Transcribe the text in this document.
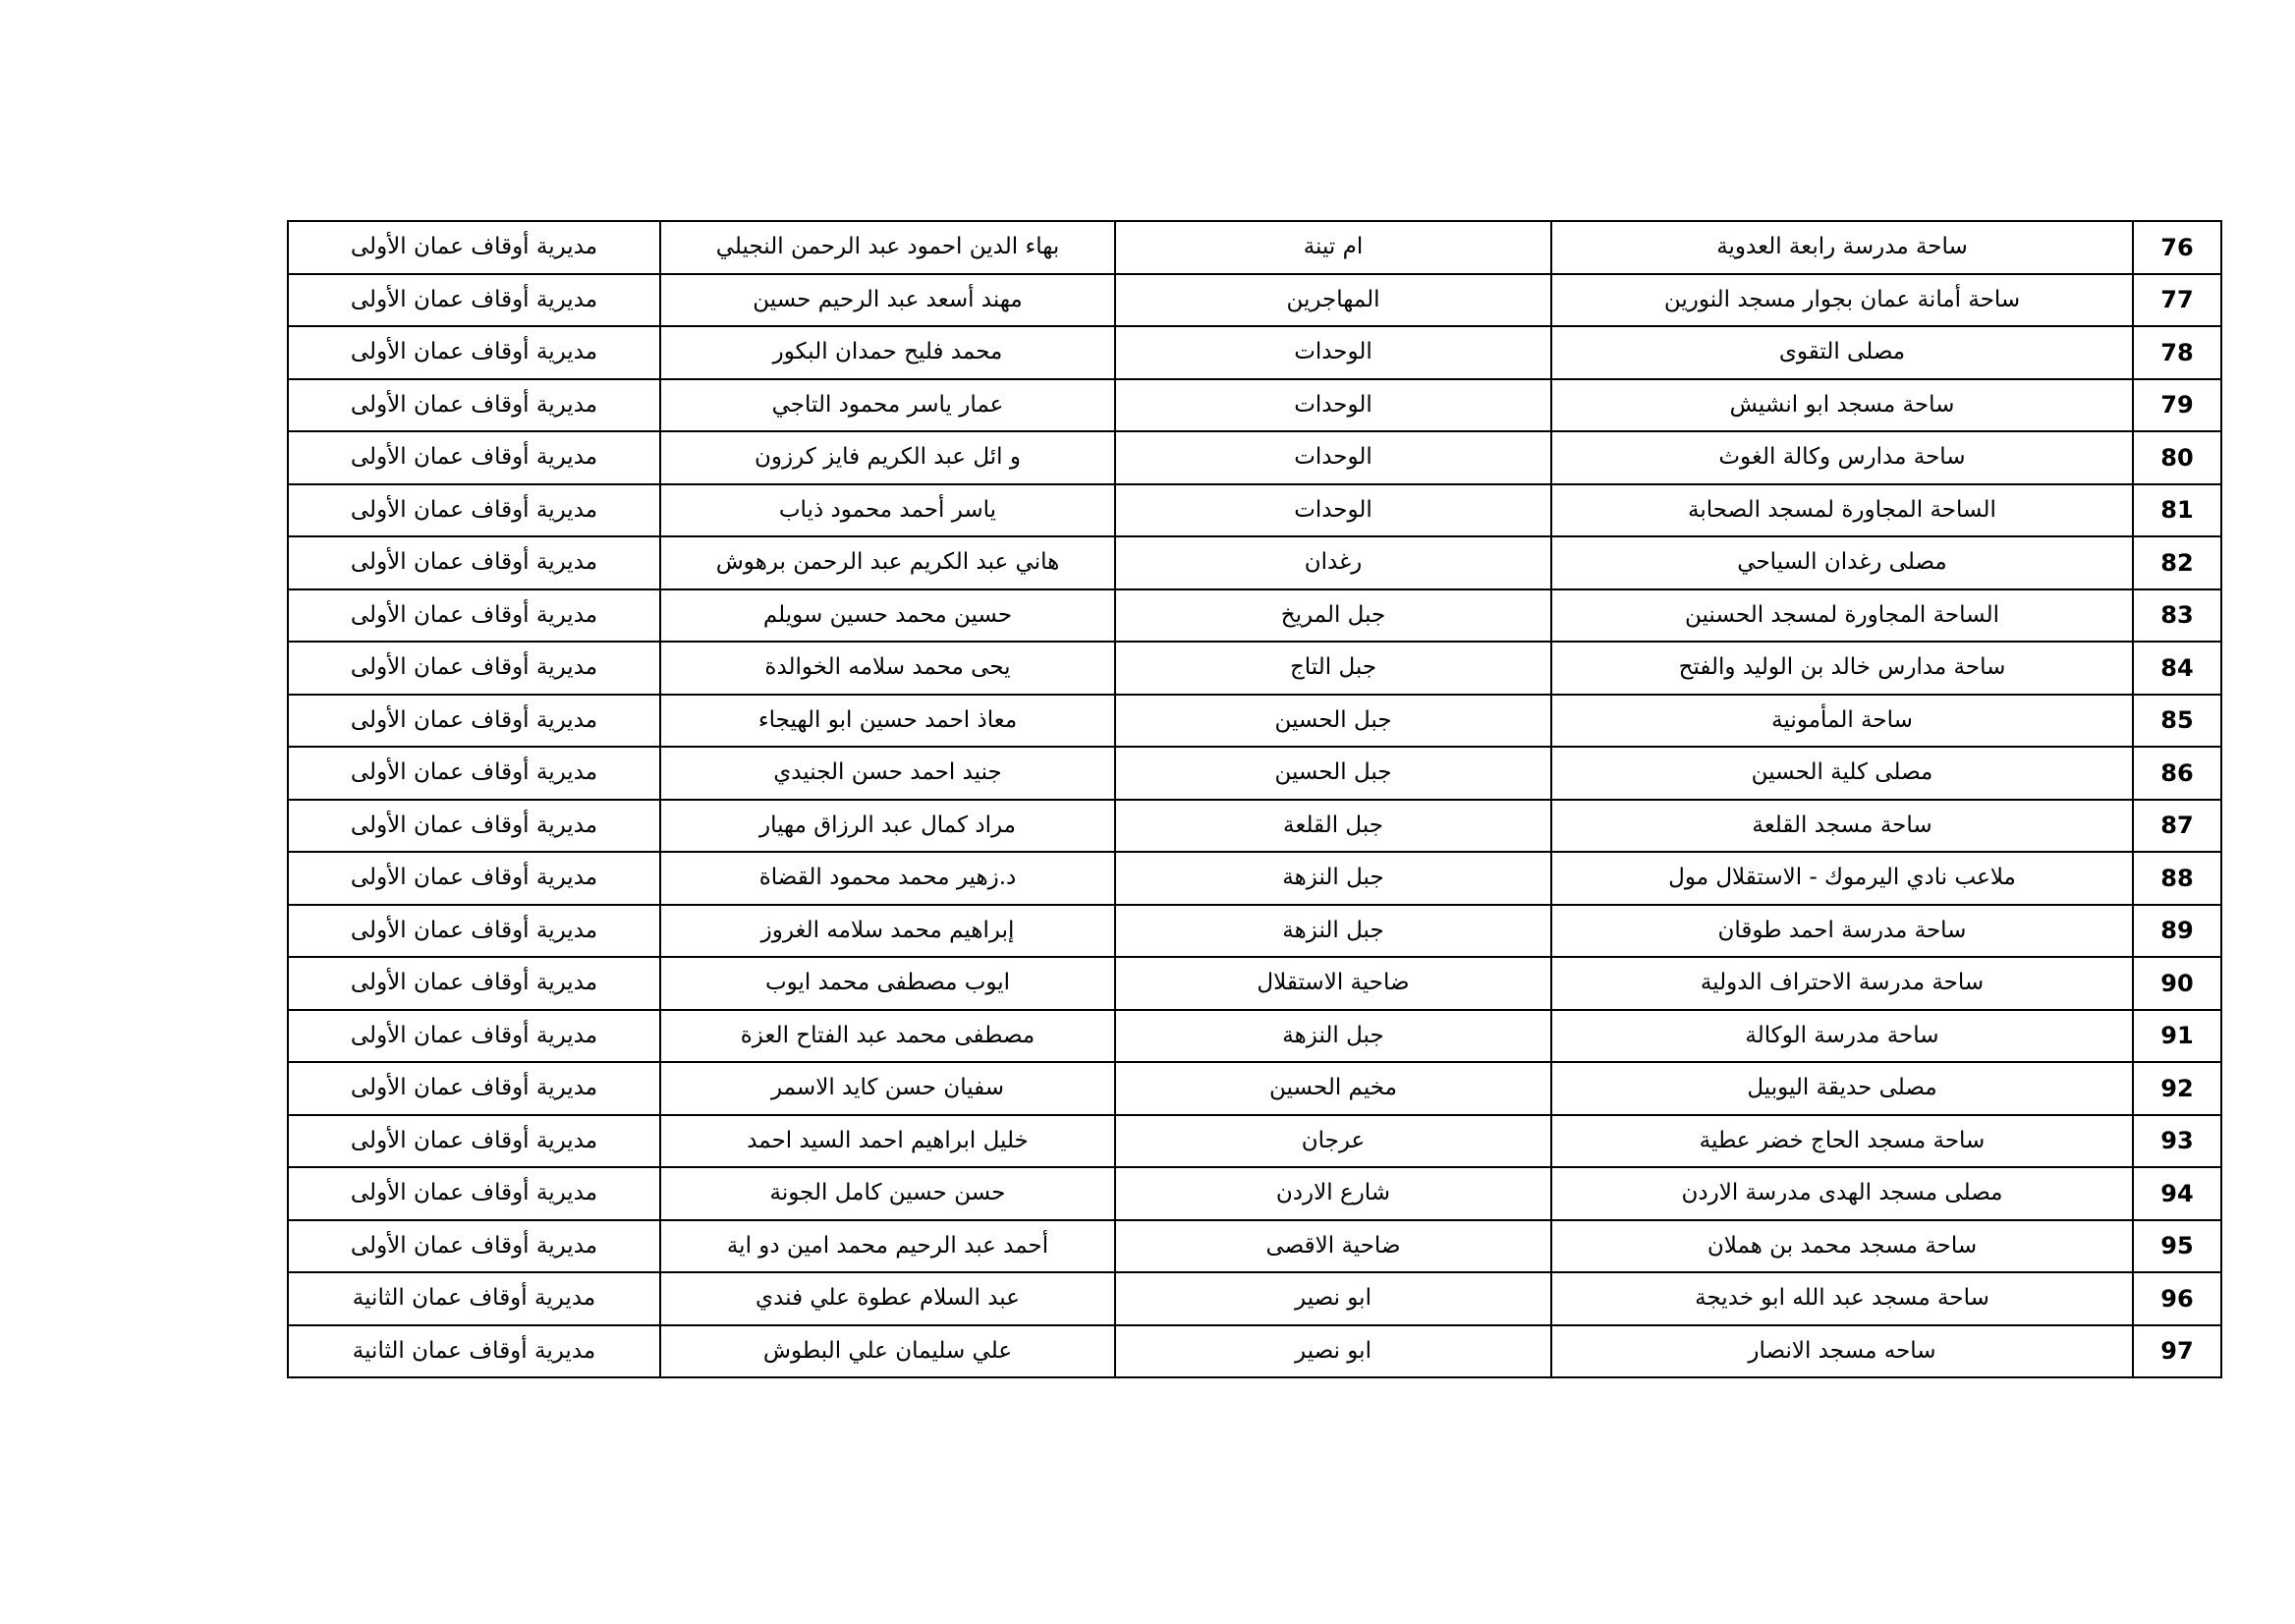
76	ساحة مدرسة رابعة العدوية	ام تينة	بهاء الدين احمود عبد الرحمن النجيلي	مديرية أوقاف عمان الأولى
77	ساحة أمانة عمان بجوار مسجد النورين	المهاجرين	مهند أسعد عبد الرحيم حسين	مديرية أوقاف عمان الأولى
78	مصلى التقوى	الوحدات	محمد فليح حمدان البكور	مديرية أوقاف عمان الأولى
79	ساحة مسجد ابو انشيش	الوحدات	عمار ياسر محمود التاجي	مديرية أوقاف عمان الأولى
80	ساحة مدارس وكالة الغوث	الوحدات	و ائل عبد الكريم فايز كرزون	مديرية أوقاف عمان الأولى
81	الساحة المجاورة لمسجد الصحابة	الوحدات	ياسر أحمد محمود ذياب	مديرية أوقاف عمان الأولى
82	مصلى رغدان السياحي	رغدان	هاني عبد الكريم عبد الرحمن برهوش	مديرية أوقاف عمان الأولى
83	الساحة المجاورة لمسجد الحسنين	جبل المريخ	حسين محمد حسين سويلم	مديرية أوقاف عمان الأولى
84	ساحة مدارس خالد بن الوليد والفتح	جبل التاج	يحى محمد سلامه الخوالدة	مديرية أوقاف عمان الأولى
85	ساحة المأمونية	جبل الحسين	معاذ احمد حسين ابو الهيجاء	مديرية أوقاف عمان الأولى
86	مصلى كلية الحسين	جبل الحسين	جنيد احمد حسن الجنيدي	مديرية أوقاف عمان الأولى
87	ساحة مسجد القلعة	جبل القلعة	مراد كمال عبد الرزاق مهيار	مديرية أوقاف عمان الأولى
88	ملاعب نادي اليرموك - الاستقلال مول	جبل النزهة	د.زهير محمد محمود القضاة	مديرية أوقاف عمان الأولى
89	ساحة مدرسة احمد طوقان	جبل النزهة	إبراهيم محمد سلامه الغروز	مديرية أوقاف عمان الأولى
90	ساحة مدرسة الاحتراف الدولية	ضاحية الاستقلال	ايوب مصطفى محمد ايوب	مديرية أوقاف عمان الأولى
91	ساحة مدرسة الوكالة	جبل النزهة	مصطفى محمد عبد الفتاح العزة	مديرية أوقاف عمان الأولى
92	مصلى حديقة اليوبيل	مخيم الحسين	سفيان حسن كايد الاسمر	مديرية أوقاف عمان الأولى
93	ساحة مسجد الحاج خضر عطية	عرجان	خليل ابراهيم احمد السيد احمد	مديرية أوقاف عمان الأولى
94	مصلى مسجد الهدى مدرسة الاردن	شارع الاردن	حسن حسين كامل الجونة	مديرية أوقاف عمان الأولى
95	ساحة مسجد محمد بن هملان	ضاحية الاقصى	أحمد عبد الرحيم محمد امين دو اية	مديرية أوقاف عمان الأولى
96	ساحة مسجد عبد الله ابو خديجة	ابو نصير	عبد السلام عطوة علي فندي	مديرية أوقاف عمان الثانية
97	ساحه مسجد الانصار	ابو نصير	علي سليمان علي البطوش	مديرية أوقاف عمان الثانية
